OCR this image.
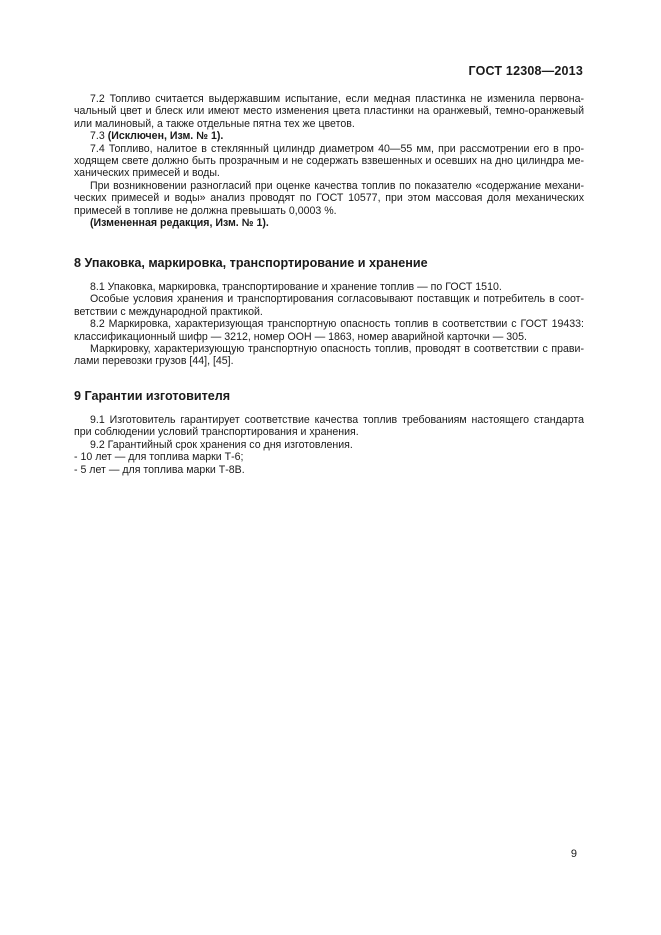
ГОСТ 12308—2013
7.2 Топливо считается выдержавшим испытание, если медная пластинка не изменила первона-
чальный цвет и блеск или имеют место изменения цвета пластинки на оранжевый, темно-оранжевый
или малиновый, а также отдельные пятна тех же цветов.
7.3 (Исключен, Изм. № 1).
7.4 Топливо, налитое в стеклянный цилиндр диаметром 40—55 мм, при рассмотрении его в про-
ходящем свете должно быть прозрачным и не содержать взвешенных и осевших на дно цилиндра ме-
ханических примесей и воды.
При возникновении разногласий при оценке качества топлив по показателю «содержание механи-
ческих примесей и воды» анализ проводят по ГОСТ 10577, при этом массовая доля механических
примесей в топливе не должна превышать 0,0003 %.
(Измененная редакция, Изм. № 1).
8 Упаковка, маркировка, транспортирование и хранение
8.1 Упаковка, маркировка, транспортирование и хранение топлив — по ГОСТ 1510.
Особые условия хранения и транспортирования согласовывают поставщик и потребитель в соот-
ветствии с международной практикой.
8.2 Маркировка, характеризующая транспортную опасность топлив в соответствии с ГОСТ 19433:
классификационный шифр — 3212, номер ООН — 1863, номер аварийной карточки — 305.
Маркировку, характеризующую транспортную опасность топлив, проводят в соответствии с прави-
лами перевозки грузов [44], [45].
9 Гарантии изготовителя
9.1 Изготовитель гарантирует соответствие качества топлив требованиям настоящего стандарта
при соблюдении условий транспортирования и хранения.
9.2 Гарантийный срок хранения со дня изготовления.
- 10 лет — для топлива марки Т-6;
- 5 лет — для топлива марки Т-8В.
9
